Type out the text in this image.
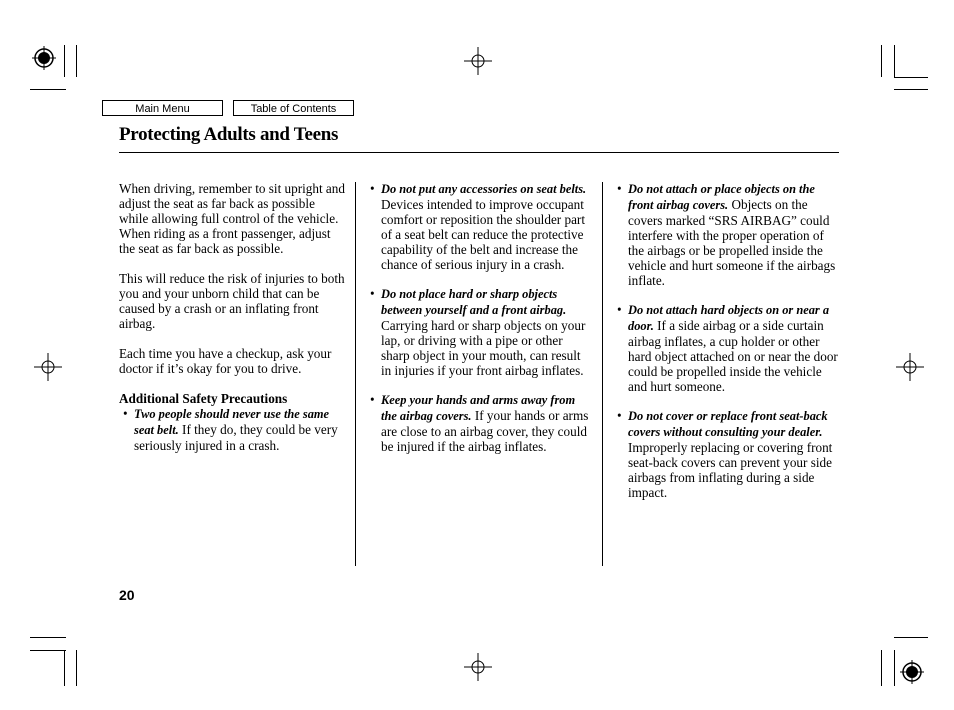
Main Menu	Table of Contents
Protecting Adults and Teens

When driving, remember to sit upright and adjust the seat as far back as possible while allowing full control of the vehicle. When riding as a front passenger, adjust the seat as far back as possible.

This will reduce the risk of injuries to both you and your unborn child that can be caused by a crash or an inflating front airbag.

Each time you have a checkup, ask your doctor if it’s okay for you to drive.

Additional Safety Precautions

• Two people should never use the same seat belt. If they do, they could be very seriously injured in a crash.
• Do not put any accessories on seat belts. Devices intended to improve occupant comfort or reposition the shoulder part of a seat belt can reduce the protective capability of the belt and increase the chance of serious injury in a crash.
• Do not place hard or sharp objects between yourself and a front airbag. Carrying hard or sharp objects on your lap, or driving with a pipe or other sharp object in your mouth, can result in injuries if your front airbag inflates.
• Keep your hands and arms away from the airbag covers. If your hands or arms are close to an airbag cover, they could be injured if the airbag inflates.
• Do not attach or place objects on the front airbag covers. Objects on the covers marked “SRS AIRBAG” could interfere with the proper operation of the airbags or be propelled inside the vehicle and hurt someone if the airbags inflate.
• Do not attach hard objects on or near a door. If a side airbag or a side curtain airbag inflates, a cup holder or other hard object attached on or near the door could be propelled inside the vehicle and hurt someone.
• Do not cover or replace front seat-back covers without consulting your dealer. Improperly replacing or covering front seat-back covers can prevent your side airbags from inflating during a side impact.
20
